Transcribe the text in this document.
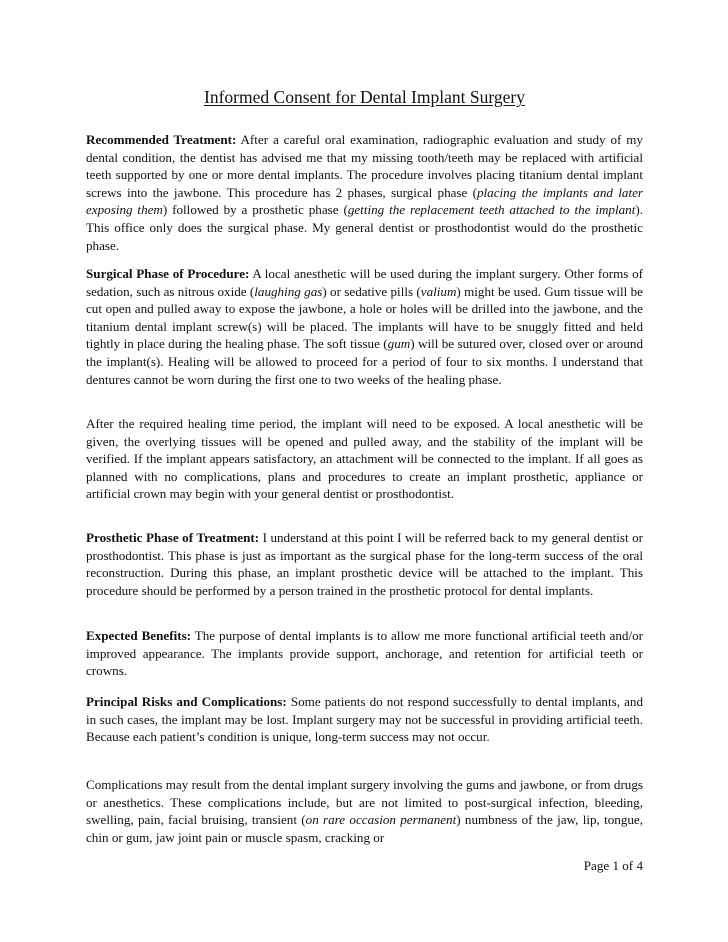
Informed Consent for Dental Implant Surgery

Recommended Treatment: After a careful oral examination, radiographic evaluation and study of my dental condition, the dentist has advised me that my missing tooth/teeth may be replaced with artificial teeth supported by one or more dental implants. The procedure involves placing titanium dental implant screws into the jawbone. This procedure has 2 phases, surgical phase (placing the implants and later exposing them) followed by a prosthetic phase (getting the replacement teeth attached to the implant). This office only does the surgical phase. My general dentist or prosthodontist would do the prosthetic phase.

Surgical Phase of Procedure: A local anesthetic will be used during the implant surgery. Other forms of sedation, such as nitrous oxide (laughing gas) or sedative pills (valium) might be used. Gum tissue will be cut open and pulled away to expose the jawbone, a hole or holes will be drilled into the jawbone, and the titanium dental implant screw(s) will be placed. The implants will have to be snuggly fitted and held tightly in place during the healing phase. The soft tissue (gum) will be sutured over, closed over or around the implant(s). Healing will be allowed to proceed for a period of four to six months. I understand that dentures cannot be worn during the first one to two weeks of the healing phase.

After the required healing time period, the implant will need to be exposed. A local anesthetic will be given, the overlying tissues will be opened and pulled away, and the stability of the implant will be verified. If the implant appears satisfactory, an attachment will be connected to the implant. If all goes as planned with no complications, plans and procedures to create an implant prosthetic, appliance or artificial crown may begin with your general dentist or prosthodontist.

Prosthetic Phase of Treatment: I understand at this point I will be referred back to my general dentist or prosthodontist. This phase is just as important as the surgical phase for the long-term success of the oral reconstruction. During this phase, an implant prosthetic device will be attached to the implant. This procedure should be performed by a person trained in the prosthetic protocol for dental implants.

Expected Benefits: The purpose of dental implants is to allow me more functional artificial teeth and/or improved appearance. The implants provide support, anchorage, and retention for artificial teeth or crowns.

Principal Risks and Complications: Some patients do not respond successfully to dental implants, and in such cases, the implant may be lost. Implant surgery may not be successful in providing artificial teeth. Because each patient’s condition is unique, long-term success may not occur.

Complications may result from the dental implant surgery involving the gums and jawbone, or from drugs or anesthetics. These complications include, but are not limited to post-surgical infection, bleeding, swelling, pain, facial bruising, transient (on rare occasion permanent) numbness of the jaw, lip, tongue, chin or gum, jaw joint pain or muscle spasm, cracking or

Page 1 of 4
